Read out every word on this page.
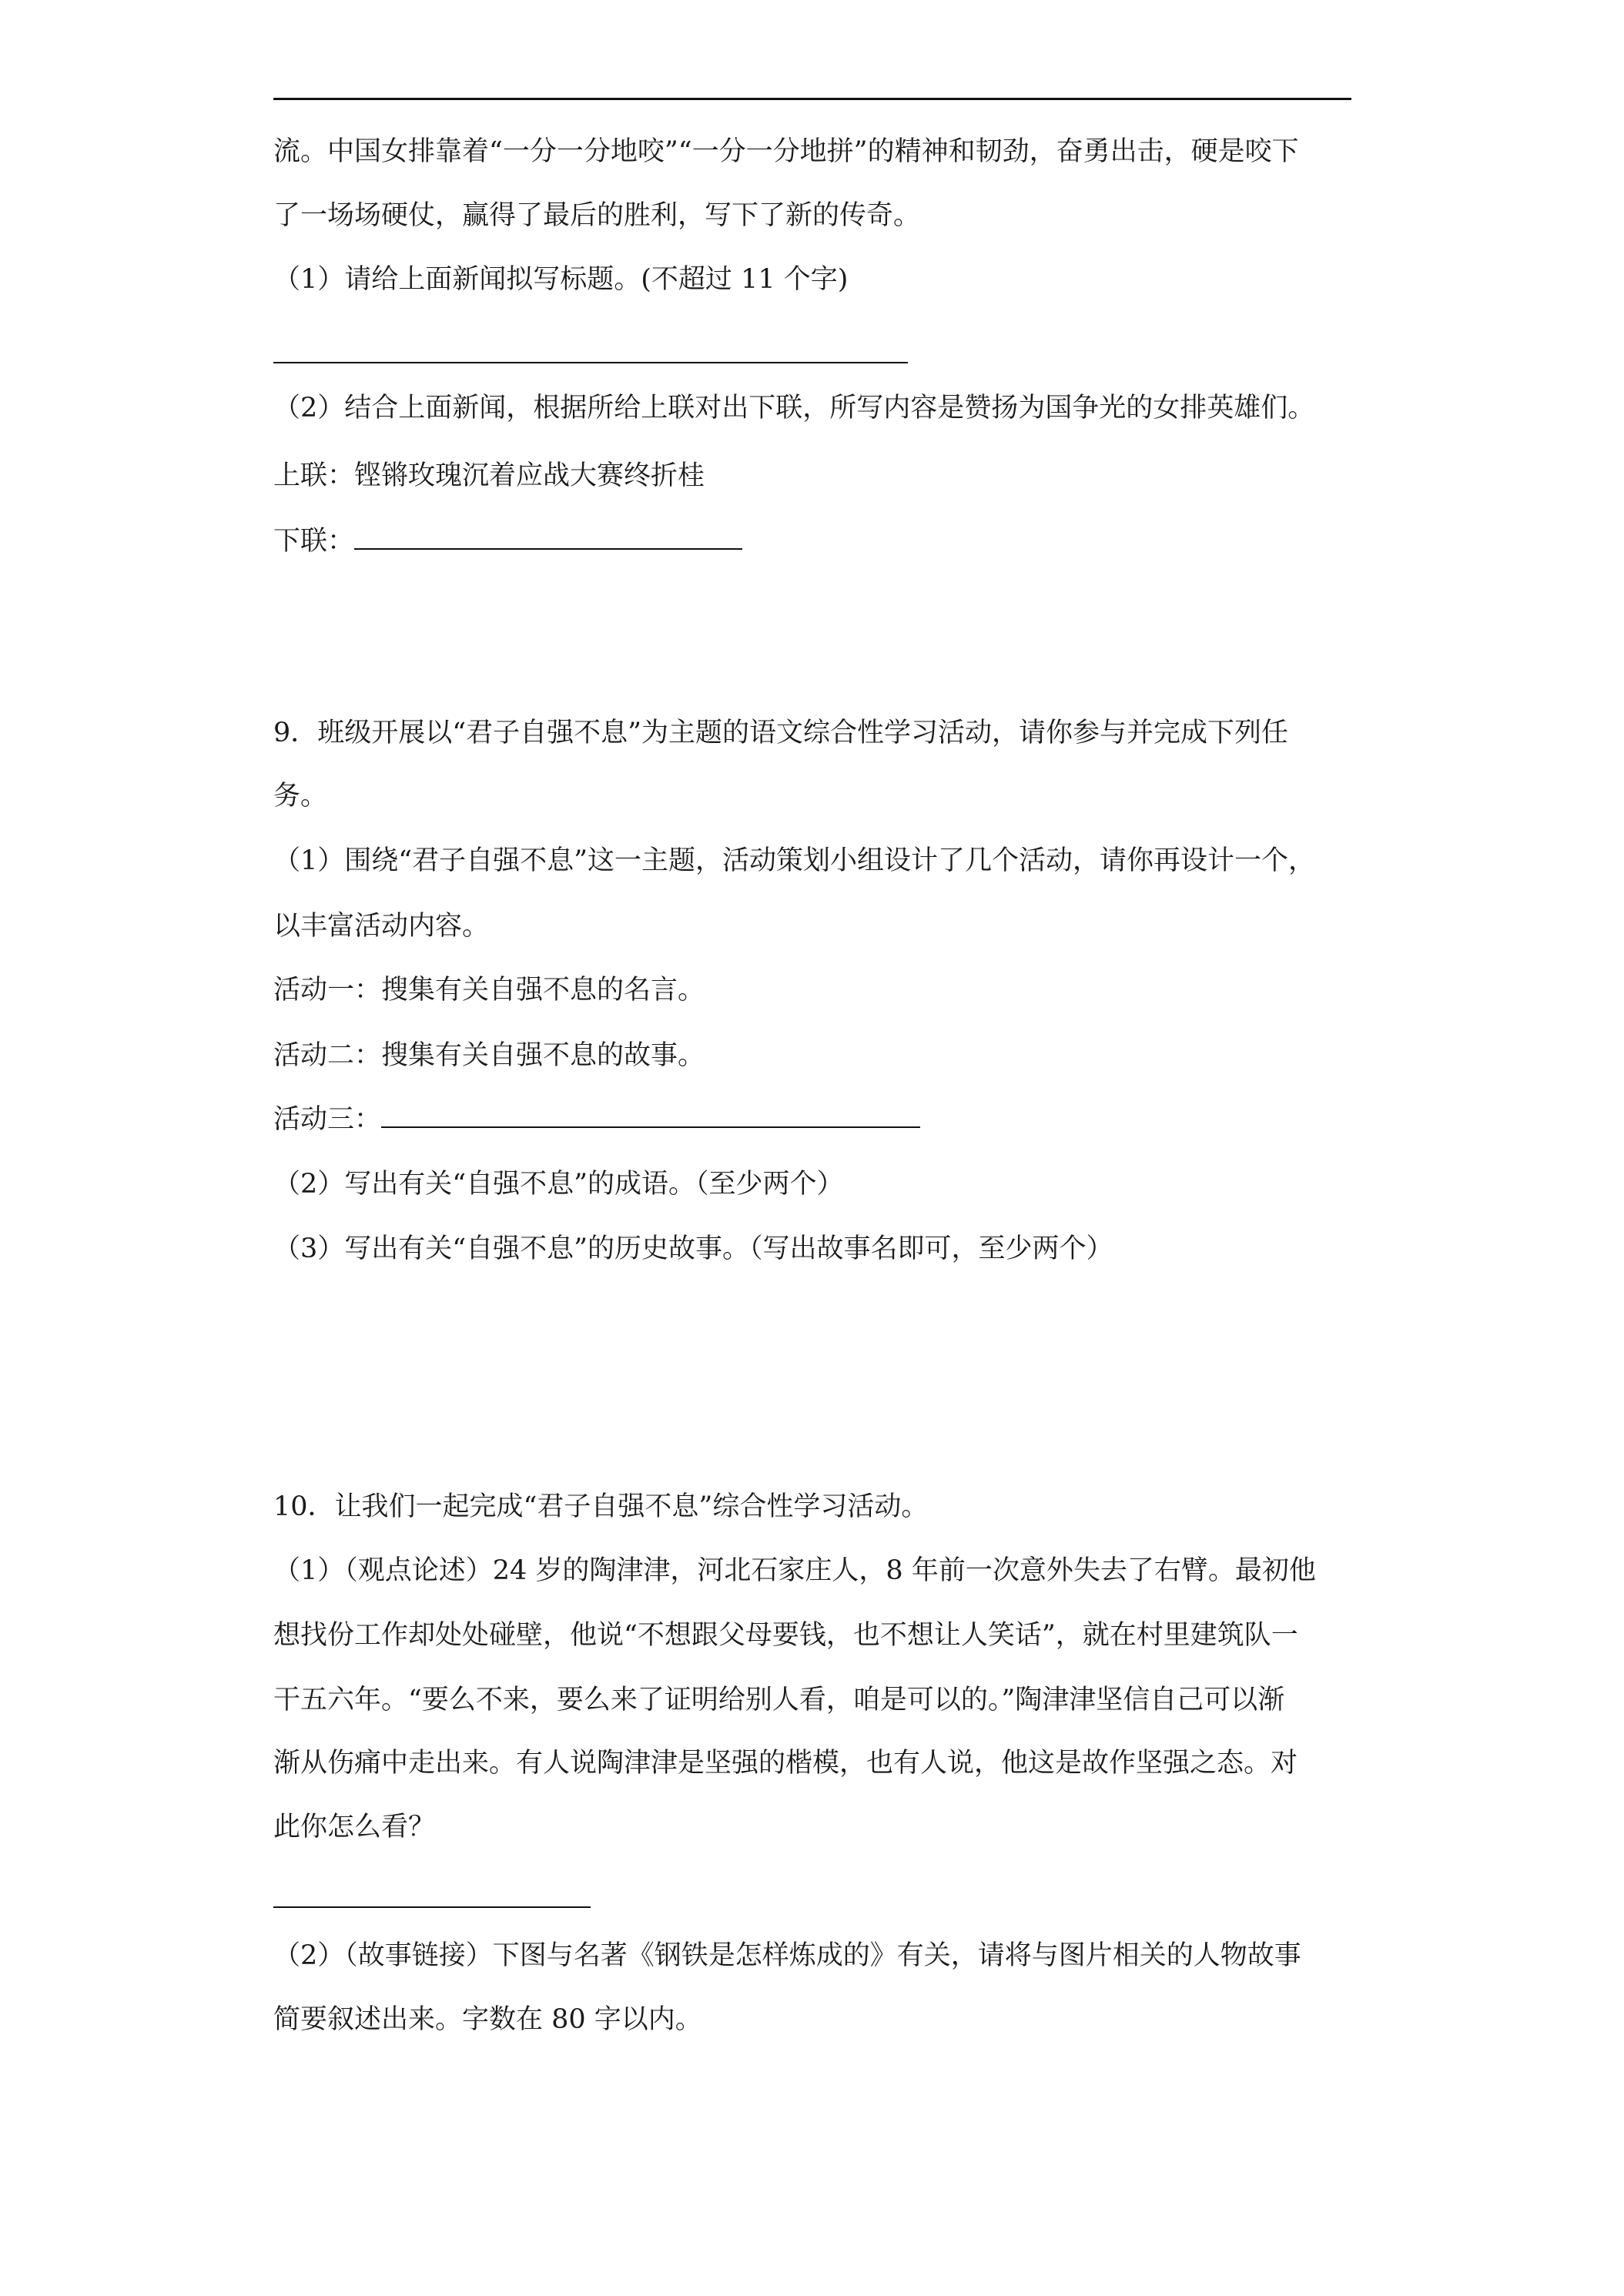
流。中国女排靠着“一分一分地咬”“一分一分地拼”的精神和韧劲，奋勇出击，硬是咬下
了一场场硬仗，赢得了最后的胜利，写下了新的传奇。
（1）请给上面新闻拟写标题。(不超过 11 个字)
（2）结合上面新闻，根据所给上联对出下联，所写内容是赞扬为国争光的女排英雄们。
上联：铿锵玫瑰沉着应战大赛终折桂
下联：
9．班级开展以“君子自强不息”为主题的语文综合性学习活动，请你参与并完成下列任
务。
（1）围绕“君子自强不息”这一主题，活动策划小组设计了几个活动，请你再设计一个，
以丰富活动内容。
活动一：搜集有关自强不息的名言。
活动二：搜集有关自强不息的故事。
活动三：
（2）写出有关“自强不息”的成语。（至少两个）
（3）写出有关“自强不息”的历史故事。（写出故事名即可，至少两个）
10．让我们一起完成“君子自强不息”综合性学习活动。
（1）（观点论述）24 岁的陶津津，河北石家庄人，8 年前一次意外失去了右臂。最初他
想找份工作却处处碰壁，他说“不想跟父母要钱，也不想让人笑话”，就在村里建筑队一
干五六年。“要么不来，要么来了证明给别人看，咱是可以的。”陶津津坚信自己可以渐
渐从伤痛中走出来。有人说陶津津是坚强的楷模，也有人说，他这是故作坚强之态。对
此你怎么看？
（2）（故事链接）下图与名著《钢铁是怎样炼成的》有关，请将与图片相关的人物故事
简要叙述出来。字数在 80 字以内。
